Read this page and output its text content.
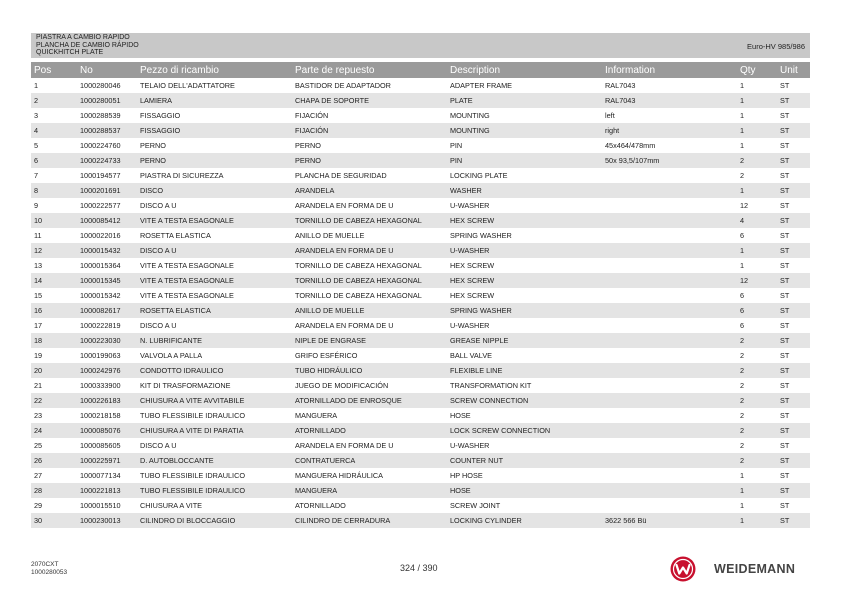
PIASTRA A CAMBIO RAPIDO
PLANCHA DE CAMBIO RÁPIDO
QUICKHITCH PLATE
Euro-HV 985/986
Pos	No	Pezzo di ricambio	Parte de repuesto	Description	Information	Qty	Unit
1	1000280046	TELAIO DELL'ADATTATORE	BASTIDOR DE ADAPTADOR	ADAPTER FRAME	RAL7043	1	ST
2	1000280051	LAMIERA	CHAPA DE SOPORTE	PLATE	RAL7043	1	ST
3	1000288539	FISSAGGIO	FIJACIÓN	MOUNTING	left	1	ST
4	1000288537	FISSAGGIO	FIJACIÓN	MOUNTING	right	1	ST
5	1000224760	PERNO	PERNO	PIN	45x464/478mm	1	ST
6	1000224733	PERNO	PERNO	PIN	50x 93,5/107mm	2	ST
7	1000194577	PIASTRA DI SICUREZZA	PLANCHA DE SEGURIDAD	LOCKING PLATE		2	ST
8	1000201691	DISCO	ARANDELA	WASHER		1	ST
9	1000222577	DISCO A U	ARANDELA EN FORMA DE U	U-WASHER		12	ST
10	1000085412	VITE A TESTA ESAGONALE	TORNILLO DE CABEZA HEXAGONAL	HEX SCREW		4	ST
11	1000022016	ROSETTA ELASTICA	ANILLO DE MUELLE	SPRING WASHER		6	ST
12	1000015432	DISCO A U	ARANDELA EN FORMA DE U	U-WASHER		1	ST
13	1000015364	VITE A TESTA ESAGONALE	TORNILLO DE CABEZA HEXAGONAL	HEX SCREW		1	ST
14	1000015345	VITE A TESTA ESAGONALE	TORNILLO DE CABEZA HEXAGONAL	HEX SCREW		12	ST
15	1000015342	VITE A TESTA ESAGONALE	TORNILLO DE CABEZA HEXAGONAL	HEX SCREW		6	ST
16	1000082617	ROSETTA ELASTICA	ANILLO DE MUELLE	SPRING WASHER		6	ST
17	1000222819	DISCO A U	ARANDELA EN FORMA DE U	U-WASHER		6	ST
18	1000223030	N. LUBRIFICANTE	NIPLE DE ENGRASE	GREASE NIPPLE		2	ST
19	1000199063	VALVOLA A PALLA	GRIFO ESFÉRICO	BALL VALVE		2	ST
20	1000242976	CONDOTTO IDRAULICO	TUBO HIDRÁULICO	FLEXIBLE LINE		2	ST
21	1000333900	KIT DI TRASFORMAZIONE	JUEGO DE MODIFICACIÓN	TRANSFORMATION KIT		2	ST
22	1000226183	CHIUSURA A VITE AVVITABILE	ATORNILLADO DE ENROSQUE	SCREW CONNECTION		2	ST
23	1000218158	TUBO FLESSIBILE IDRAULICO	MANGUERA	HOSE		2	ST
24	1000085076	CHIUSURA A VITE DI PARATIA	ATORNILLADO	LOCK SCREW CONNECTION		2	ST
25	1000085605	DISCO A U	ARANDELA EN FORMA DE U	U-WASHER		2	ST
26	1000225971	D. AUTOBLOCCANTE	CONTRATUERCA	COUNTER NUT		2	ST
27	1000077134	TUBO FLESSIBILE IDRAULICO	MANGUERA HIDRÁULICA	HP HOSE		1	ST
28	1000221813	TUBO FLESSIBILE IDRAULICO	MANGUERA	HOSE		1	ST
29	1000015510	CHIUSURA A VITE	ATORNILLADO	SCREW JOINT		1	ST
30	1000230013	CILINDRO DI BLOCCAGGIO	CILINDRO DE CERRADURA	LOCKING CYLINDER	3622 566 Bü	1	ST
2070CXT
1000280053	324 / 390	WEIDEMANN
